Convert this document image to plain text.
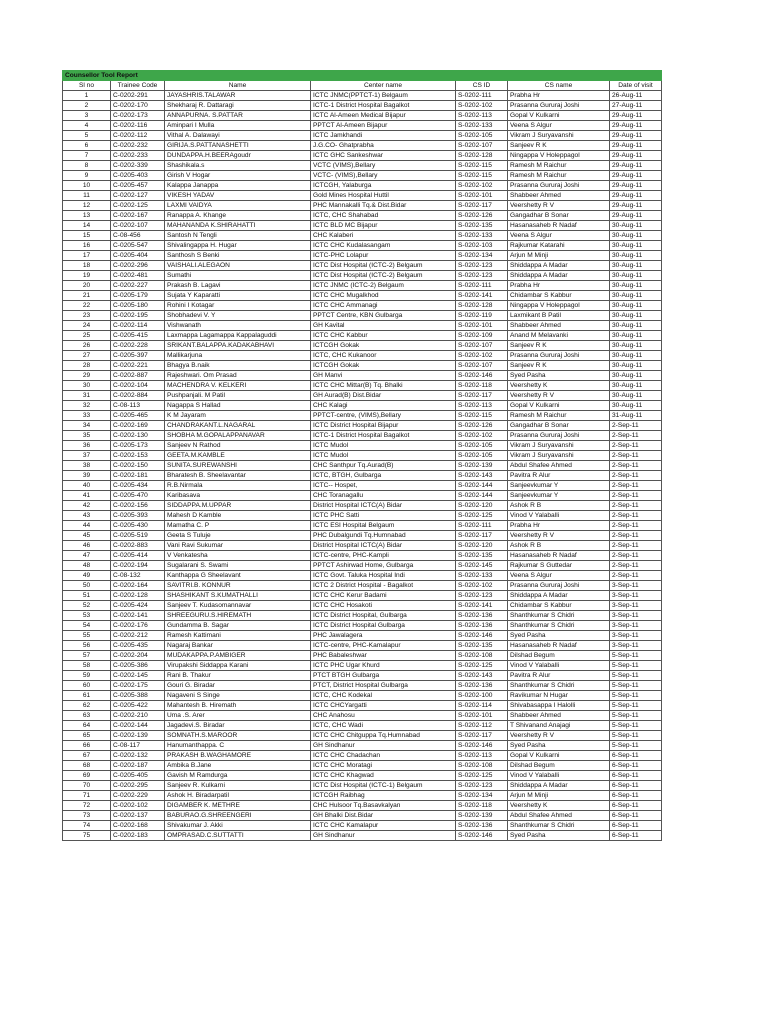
Counsellor Tool Report						
Sl no	Trainee Code	Name	Center name	CS ID	CS name	Date of visit
1	C-0202-291	JAYASHRIS.TALAWAR	ICTC JNMC(PPTCT-1) Belgaum	S-0202-111	Prabha Hr	26-Aug-11
2	C-0202-170	Shekharaj R. Dattaragi	ICTC-1 District Hospital Bagalkot	S-0202-102	Prasanna Gururaj Joshi	27-Aug-11
3	C-0202-173	ANNAPURNA. S.PATTAR	ICTC Al-Ameen Medical Bijapur	S-0202-113	Gopal V Kulkarni	29-Aug-11
4	C-0202-116	Aminpari I Mulla	PPTCT Al-Ameen Bijapur	S-0202-133	Veena S Algur	29-Aug-11
5	C-0202-112	Vithal A. Dalawayi	ICTC Jamkhandi	S-0202-105	Vikram J Suryavanshi	29-Aug-11
6	C-0202-232	GIRIJA.S.PATTANASHETTI	J.G.CO- Ghatprabha	S-0202-107	Sanjeev R K	29-Aug-11
7	C-0202-233	DUNDAPPA.H.BEERAgoudr	ICTC GHC Sankeshwar	S-0202-128	Ningappa V Holeppagol	29-Aug-11
8	C-0202-339	Shashikala.s	VCTC (VIMS),Bellary	S-0202-115	Ramesh M Raichur	29-Aug-11
9	C-0205-403	Girish V Hogar	VCTC- (VIMS),Bellary	S-0202-115	Ramesh M Raichur	29-Aug-11
10	C-0205-457	Kalappa Janappa	ICTCGH, Yalaburga	S-0202-102	Prasanna Gururaj Joshi	29-Aug-11
11	C-0202-127	VIKESH YADAV	Gold Mines Hospital Huttil	S-0202-101	Shabbeer Ahmed	29-Aug-11
12	C-0202-125	LAXMI VAIDYA	PHC Mannakalli Tq.& Dist.Bidar	S-0202-117	Veershetty R V	29-Aug-11
13	C-0202-167	Ranappa A. Khange	ICTC, CHC Shahabad	S-0202-126	Gangadhar B Sonar	29-Aug-11
14	C-0202-107	MAHANANDA K.SHIRAHATTI	ICTC BLD MC Bijapur	S-0202-135	Hasanasaheb R Nadaf	30-Aug-11
15	C-08-456	Santosh N Tengli	CHC Kalaberi	S-0202-133	Veena S Algur	30-Aug-11
16	C-0205-547	Shivalingappa H. Hugar	ICTC CHC Kudalasangam	S-0202-103	Rajkumar Katarahi	30-Aug-11
17	C-0205-404	Santhosh S Benki	ICTC-PHC Lolapur	S-0202-134	Arjun M Minji	30-Aug-11
18	C-0202-296	VAISHALI.ALEGAON	ICTC Dist Hospital (ICTC-2) Belgaum	S-0202-123	Shiddappa A Madar	30-Aug-11
19	C-0202-481	Sumathi	ICTC Dist Hospital (ICTC-2) Belgaum	S-0202-123	Shiddappa A Madar	30-Aug-11
20	C-0202-227	Prakash B. Lagavi	ICTC JNMC (ICTC-2) Belgaum	S-0202-111	Prabha Hr	30-Aug-11
21	C-0205-179	Sujata Y Kaparatti	ICTC CHC Mugalkhod	S-0202-141	Chidambar S Kabbur	30-Aug-11
22	C-0205-180	Rohini I Kotagar	ICTC CHC Ammanagi	S-0202-128	Ningappa V Holeppagol	30-Aug-11
23	C-0202-195	Shobhadevi V. Y	PPTCT Centre, KBN Gulbarga	S-0202-119	Laxmikant B Patil	30-Aug-11
24	C-0202-114	Vishwanath	GH Kavital	S-0202-101	Shabbeer Ahmed	30-Aug-11
25	C-0205-415	Laxmappa Lagamappa Kappalaguddi	ICTC CHC Kabbur	S-0202-109	Anand M Melavanki	30-Aug-11
26	C-0202-228	SRIKANT.BALAPPA.KADAKABHAVI	ICTCGH Gokak	S-0202-107	Sanjeev R K	30-Aug-11
27	C-0205-397	Mallikarjuna	ICTC, CHC Kukanoor	S-0202-102	Prasanna Gururaj Joshi	30-Aug-11
28	C-0202-221	Bhagya B.naik	ICTCGH Gokak	S-0202-107	Sanjeev R K	30-Aug-11
29	C-0202-887	Rajeshwari. Om Prasad	GH Manvi	S-0202-146	Syed Pasha	30-Aug-11
30	C-0202-104	MACHENDRA V. KELKERI	ICTC CHC Mittar(B) Tq. Bhalki	S-0202-118	Veershetty K	30-Aug-11
31	C-0202-884	Pushpanjali. M Patil	GH Aurad(B) Dist.Bidar	S-0202-117	Veershetty R V	30-Aug-11
32	C-08-113	Nagappa S Hallad	CHC Kalagi	S-0202-113	Gopal V Kulkarni	30-Aug-11
33	C-0205-465	K M Jayaram	PPTCT-centre, (VIMS),Bellary	S-0202-115	Ramesh M Raichur	31-Aug-11
34	C-0202-169	CHANDRAKANT.L.NAGARAL	ICTC District Hospital Bijapur	S-0202-126	Gangadhar B Sonar	2-Sep-11
35	C-0202-130	SHOBHA M.GOPALAPPANAVAR	ICTC-1 District Hospital Bagalkot	S-0202-102	Prasanna Gururaj Joshi	2-Sep-11
36	C-0205-173	Sanjeev N Rathod	ICTC Mudol	S-0202-105	Vikram J Suryavanshi	2-Sep-11
37	C-0202-153	GEETA.M.KAMBLE	ICTC Mudol	S-0202-105	Vikram J Suryavanshi	2-Sep-11
38	C-0202-150	SUNITA.SUREWANSHI	CHC Santhpur Tq.Aurad(B)	S-0202-139	Abdul Shafee Ahmed	2-Sep-11
39	C-0202-181	Bharatesh B. Sheelavantar	ICTC, BTGH, Gulbarga	S-0202-143	Pavitra R Alur	2-Sep-11
40	C-0205-434	R.B.Nirmala	ICTC-- Hospet,	S-0202-144	Sanjeevkumar Y	2-Sep-11
41	C-0205-470	Karibasava	CHC Toranagallu	S-0202-144	Sanjeevkumar Y	2-Sep-11
42	C-0202-156	SIDDAPPA.M.UPPAR	District Hospital ICTC(A) Bidar	S-0202-120	Ashok R B	2-Sep-11
43	C-0205-393	Mahesh D Kamble	ICTC PHC Satti	S-0202-125	Vinod V Yalaballi	2-Sep-11
44	C-0205-430	Mamatha C. P	ICTC ESI Hospital Belgaum	S-0202-111	Prabha Hr	2-Sep-11
45	C-0205-519	Geeta S Tuluje	PHC Dubalgundi Tq.Humnabad	S-0202-117	Veershetty R V	2-Sep-11
46	C-0202-883	Vani Ravi Sukumar	District Hospital ICTC(A) Bidar	S-0202-120	Ashok R B	2-Sep-11
47	C-0205-414	V Venkatesha	ICTC-centre, PHC-Kampli	S-0202-135	Hasanasaheb R Nadaf	2-Sep-11
48	C-0202-194	Sugalarani S. Swami	PPTCT Ashirwad Home, Gulbarga	S-0202-145	Rajkumar S Guttedar	2-Sep-11
49	C-08-132	Kanthappa G Sheelavant	ICTC Govt. Taluka Hospital Indi	S-0202-133	Veena S Algur	2-Sep-11
50	C-0202-164	SAVITRI.B. KONNUR	ICTC 2 District Hospital - Bagalkot	S-0202-102	Prasanna Gururaj Joshi	3-Sep-11
51	C-0202-128	SHASHIKANT S.KUMATHALLI	ICTC CHC Kerur Badami	S-0202-123	Shiddappa A Madar	3-Sep-11
52	C-0205-424	Sanjeev T. Kudasomannavar	ICTC CHC Hosakoti	S-0202-141	Chidambar S Kabbur	3-Sep-11
53	C-0202-141	SHREEGURU.S.HIREMATH	ICTC District Hospital, Gulbarga	S-0202-136	Shanthkumar S Chidri	3-Sep-11
54	C-0202-176	Gundamma B. Sagar	ICTC District Hospital Gulbarga	S-0202-136	Shanthkumar S Chidri	3-Sep-11
55	C-0202-212	Ramesh Kattimani	PHC Jawalagera	S-0202-146	Syed Pasha	3-Sep-11
56	C-0205-435	Nagaraj Bankar	ICTC-centre, PHC-Kamalapur	S-0202-135	Hasanasaheb R Nadaf	3-Sep-11
57	C-0202-204	MUDAKAPPA.P.AMBIGER	PHC Babaleshwar	S-0202-108	Dilshad Begum	5-Sep-11
58	C-0205-386	Virupakshi Siddappa Karani	ICTC PHC Ugar Khurd	S-0202-125	Vinod V Yalaballi	5-Sep-11
59	C-0202-145	Rani B. Thakur	PTCT BTGH Gulbarga	S-0202-143	Pavitra R Alur	5-Sep-11
60	C-0202-175	Gouri G. Biradar	PTCT, District Hospital Gulbarga	S-0202-136	Shanthkumar S Chidri	5-Sep-11
61	C-0205-388	Nagaveni S Singe	ICTC, CHC Kodekal	S-0202-100	Ravikumar N Hugar	5-Sep-11
62	C-0205-422	Mahantesh B. Hiremath	ICTC CHCYargatti	S-0202-114	Shivabasappa I Halolli	5-Sep-11
63	C-0202-210	Uma .S. Arer	CHC Anahosu	S-0202-101	Shabbeer Ahmed	5-Sep-11
64	C-0202-144	Jagadevi.S. Biradar	ICTC, CHC Wadi	S-0202-112	T Shivanand Anajagi	5-Sep-11
65	C-0202-139	SOMNATH.S.MAROOR	ICTC CHC Chitguppa Tq.Humnabad	S-0202-117	Veershetty R V	5-Sep-11
66	C-08-117	Hanumanthappa. C	GH Sindhanur	S-0202-146	Syed Pasha	5-Sep-11
67	C-0202-132	PRAKASH B.WAGHAMORE	ICTC CHC Chadachan	S-0202-113	Gopal V Kulkarni	6-Sep-11
68	C-0202-187	Ambika B.Jane	ICTC CHC Moratagi	S-0202-108	Dilshad Begum	6-Sep-11
69	C-0205-405	Gavish M Ramdurga	ICTC CHC Khagwad	S-0202-125	Vinod V Yalaballi	6-Sep-11
70	C-0202-295	Sanjeev R. Kulkarni	ICTC Dist Hospital (ICTC-1) Belgaum	S-0202-123	Shiddappa A Madar	6-Sep-11
71	C-0202-229	Ashok H. Biradarpatil	ICTCGH Raibhag	S-0202-134	Arjun M Minji	6-Sep-11
72	C-0202-102	DIGAMBER K. METHRE	CHC Hulsoor Tq.Basavkalyan	S-0202-118	Veershetty K	6-Sep-11
73	C-0202-137	BABURAO.G.SHREENGERI	GH Bhalki Dist.Bidar	S-0202-139	Abdul Shafee Ahmed	6-Sep-11
74	C-0202-168	Shivakumar J. Akki	ICTC CHC Kamalapur	S-0202-136	Shanthkumar S Chidri	6-Sep-11
75	C-0202-183	OMPRASAD.C.SUTTATTI	GH Sindhanur	S-0202-146	Syed Pasha	6-Sep-11
